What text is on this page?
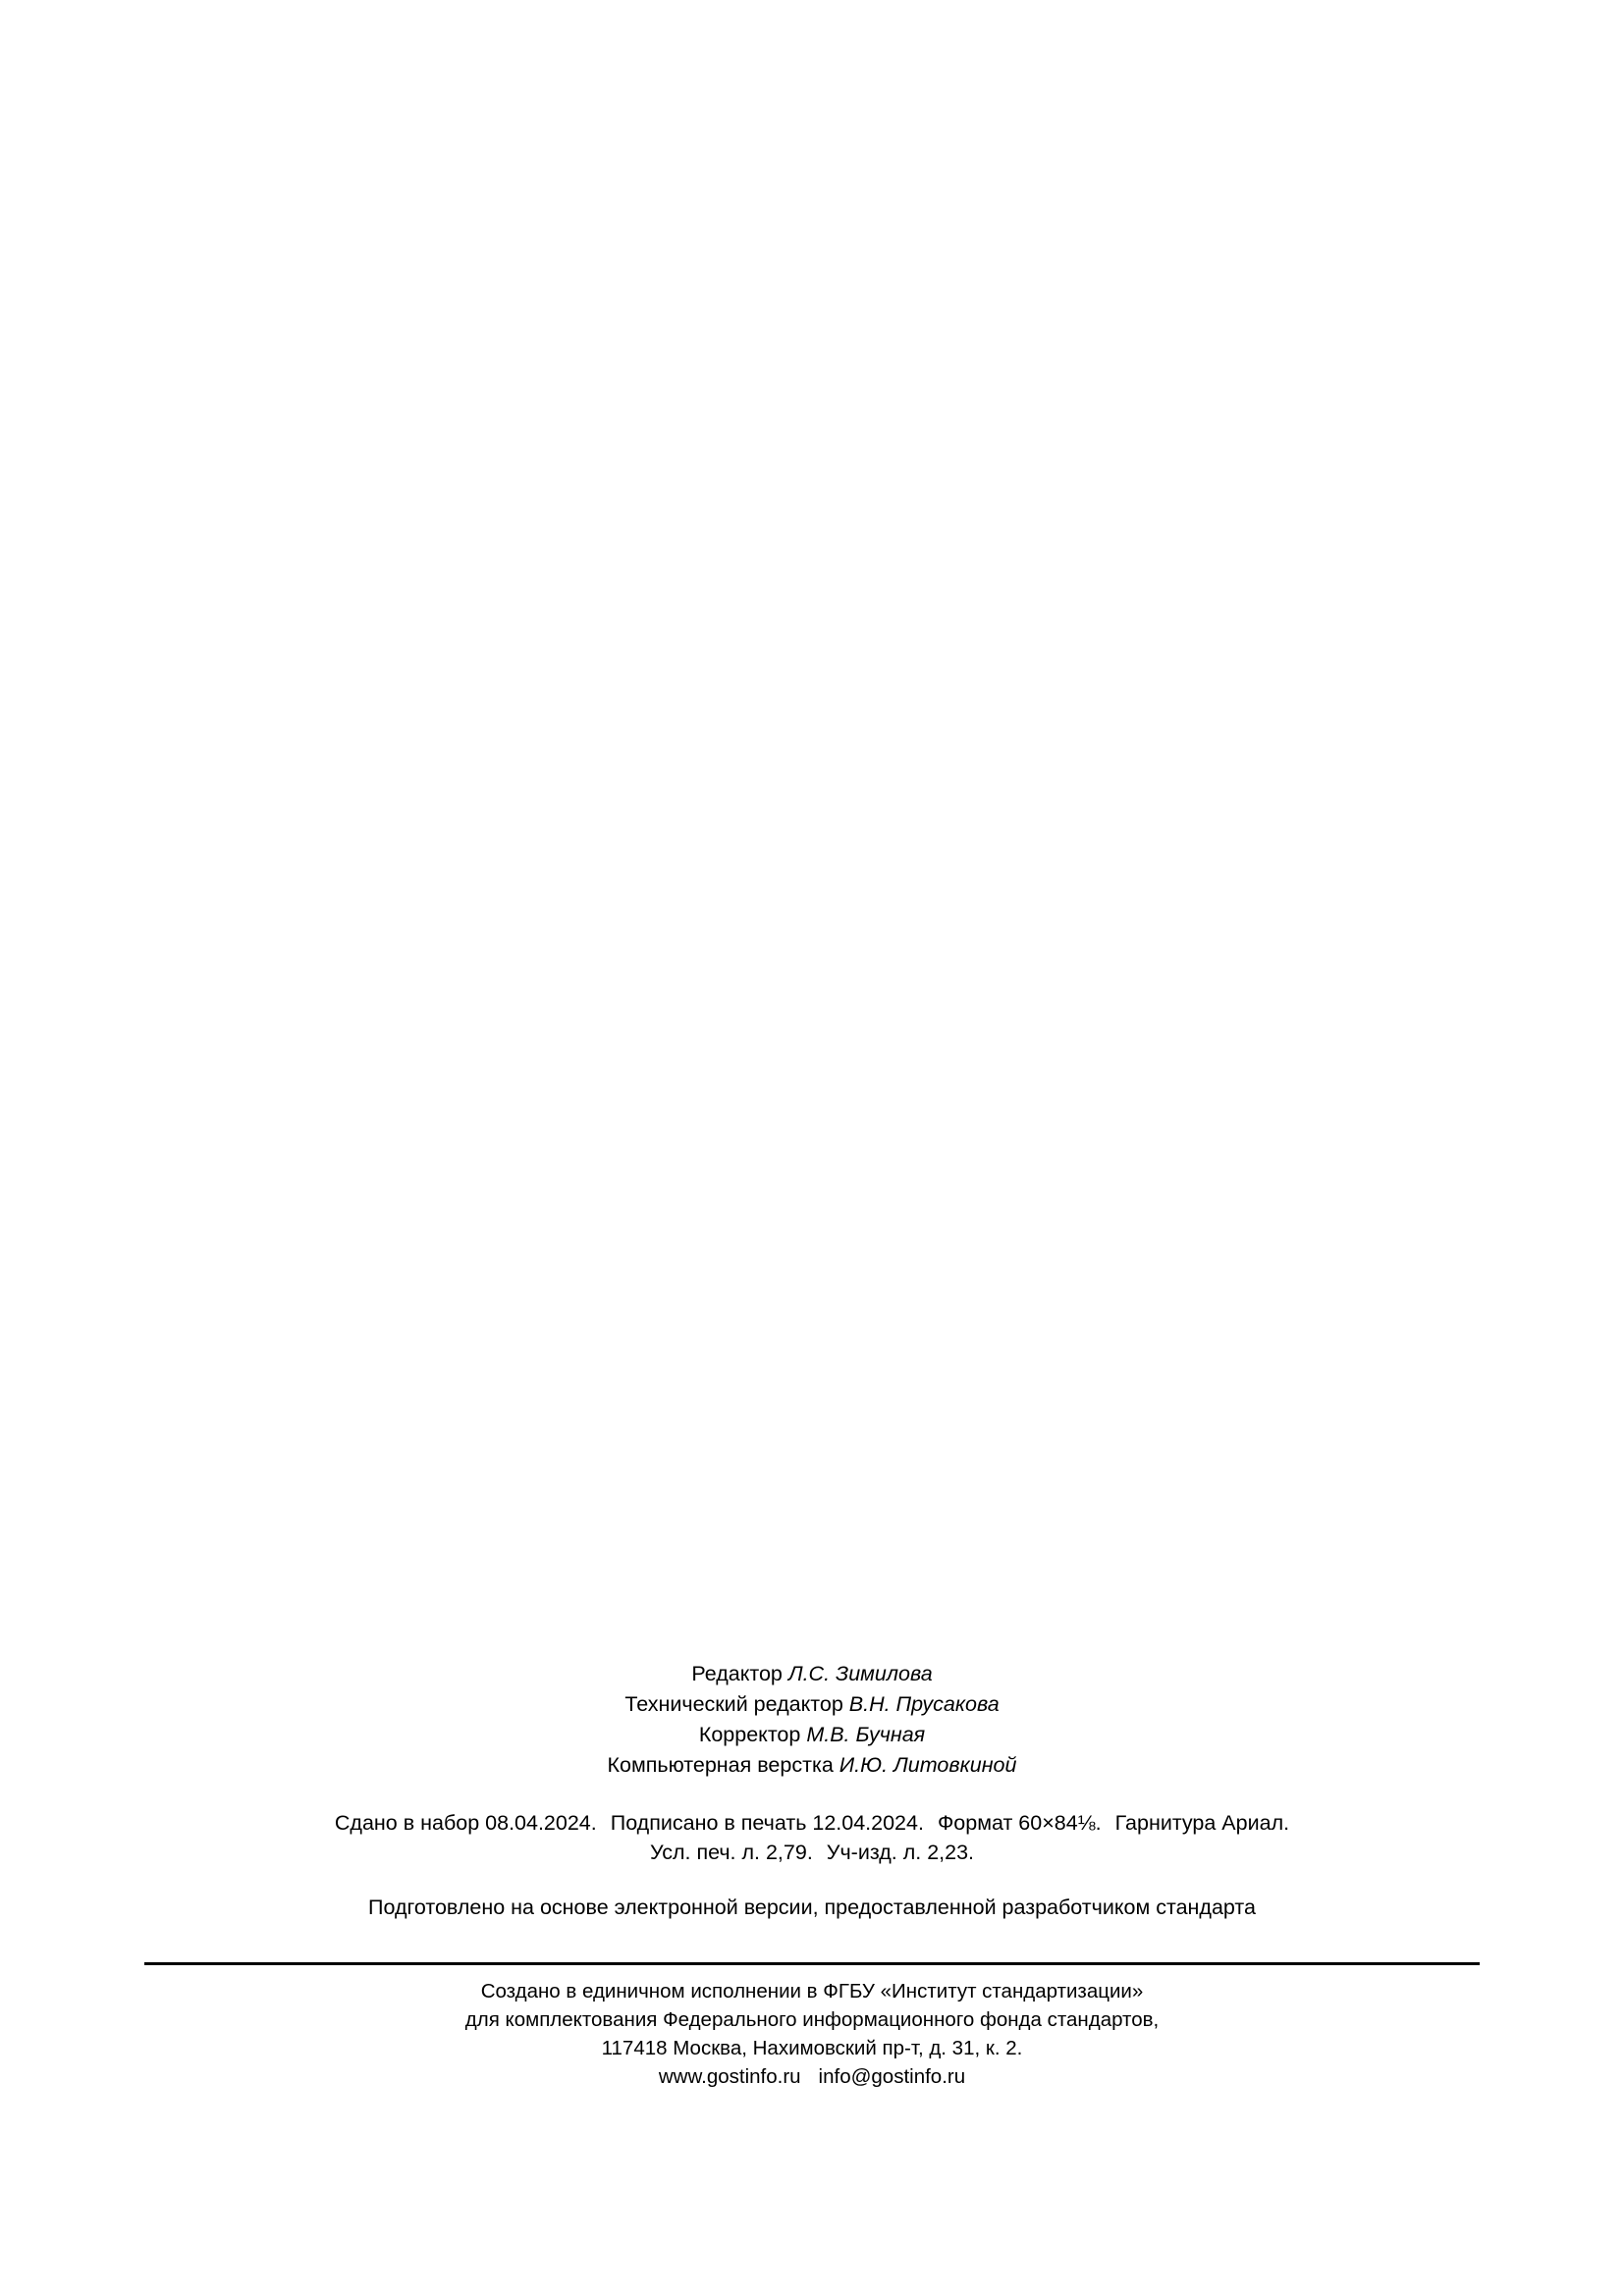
Редактор Л.С. Зимилова
Технический редактор В.Н. Прусакова
Корректор М.В. Бучная
Компьютерная верстка И.Ю. Литовкиной
Сдано в набор 08.04.2024. Подписано в печать 12.04.2024. Формат 60×84⅛. Гарнитура Ариал.
Усл. печ. л. 2,79. Уч-изд. л. 2,23.
Подготовлено на основе электронной версии, предоставленной разработчиком стандарта
Создано в единичном исполнении в ФГБУ «Институт стандартизации»
для комплектования Федерального информационного фонда стандартов,
117418 Москва, Нахимовский пр-т, д. 31, к. 2.
www.gostinfo.ru info@gostinfo.ru
